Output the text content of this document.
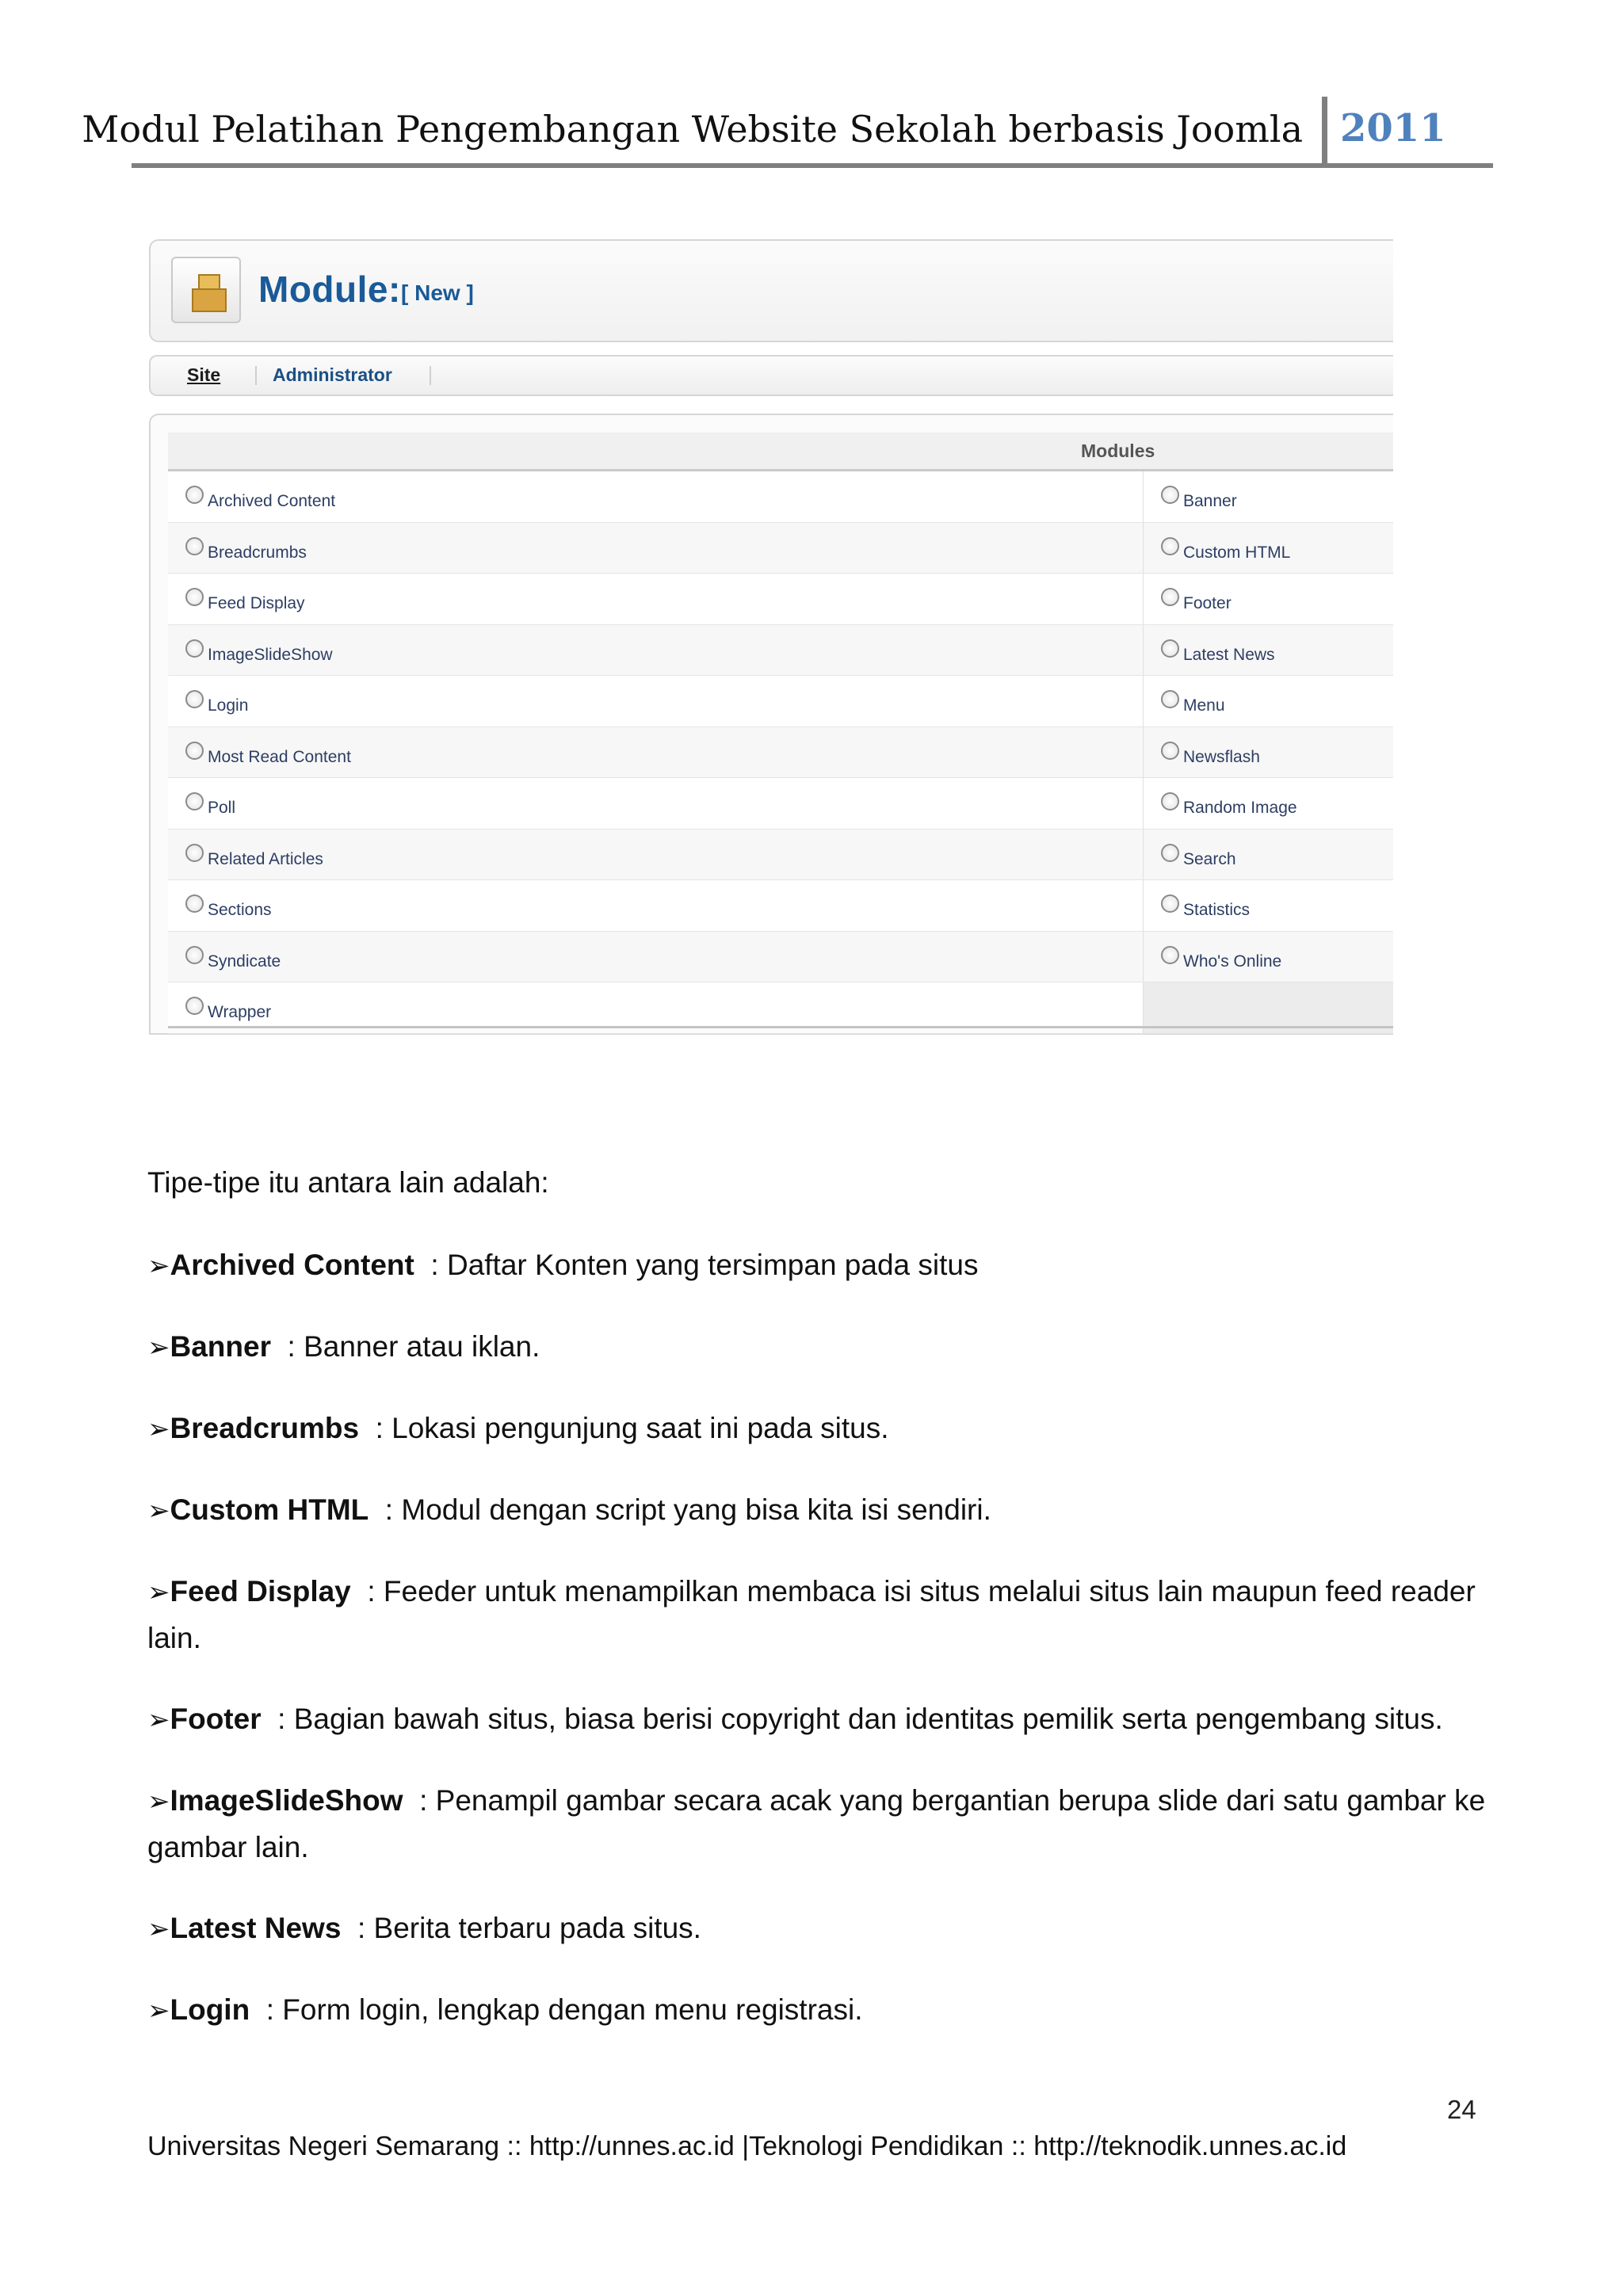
Modul Pelatihan Pengembangan Website Sekolah berbasis Joomla 2011
Module: [ New ]
Site	Administrator
Modules
Archived Content	Banner
Breadcrumbs	Custom HTML
Feed Display	Footer
ImageSlideShow	Latest News
Login	Menu
Most Read Content	Newsflash
Poll	Random Image
Related Articles	Search
Sections	Statistics
Syndicate	Who's Online
Wrapper
Tipe-tipe itu antara lain adalah:
➢Archived Content  : Daftar Konten yang tersimpan pada situs
➢Banner  : Banner atau iklan.
➢Breadcrumbs  : Lokasi pengunjung saat ini pada situs.
➢Custom HTML  : Modul dengan script yang bisa kita isi sendiri.
➢Feed Display  : Feeder untuk menampilkan membaca isi situs melalui situs lain maupun feed reader lain.
➢Footer  : Bagian bawah situs, biasa berisi copyright dan identitas pemilik serta pengembang situs.
➢ImageSlideShow  : Penampil gambar secara acak yang bergantian berupa slide dari satu gambar ke gambar lain.
➢Latest News  : Berita terbaru pada situs.
➢Login  : Form login, lengkap dengan menu registrasi.
24
Universitas Negeri Semarang :: http://unnes.ac.id |Teknologi Pendidikan :: http://teknodik.unnes.ac.id
